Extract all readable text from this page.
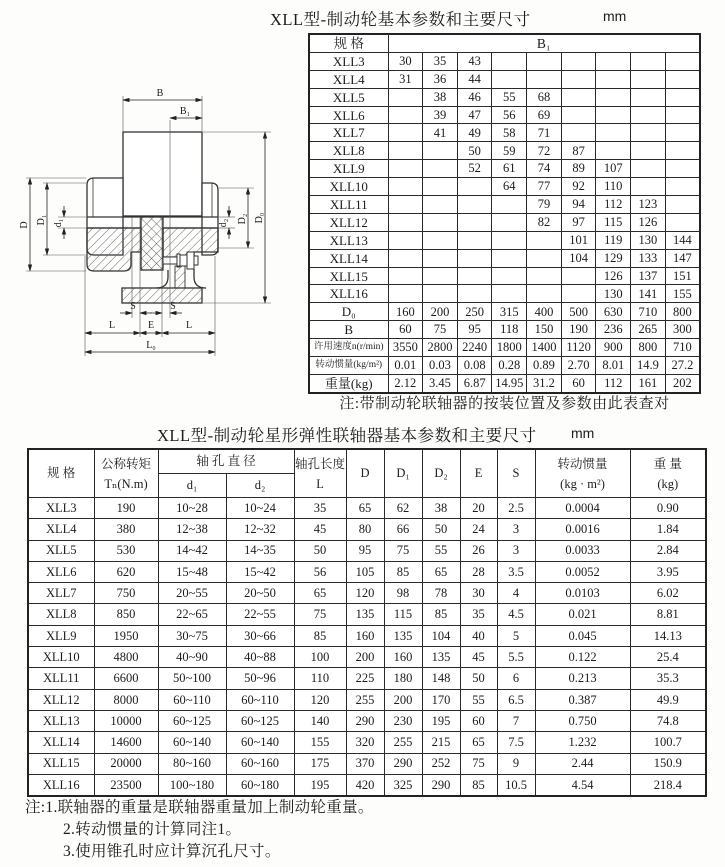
XLL型-制动轮基本参数和主要尺寸	mm
B
B₁
D D₁ d₁	d₂ D₂ D₀
S	S
L	E	L
L₀
规 格	B₁								
XLL3	30	35	43						
XLL4	31	36	44						
XLL5		38	46	55	68				
XLL6		39	47	56	69				
XLL7		41	49	58	71				
XLL8			50	59	72	87			
XLL9			52	61	74	89	107		
XLL10				64	77	92	110		
XLL11					79	94	112	123	
XLL12					82	97	115	126	
XLL13						101	119	130	144
XLL14						104	129	133	147
XLL15							126	137	151
XLL16							130	141	155
D₀	160	200	250	315	400	500	630	710	800
B	60	75	95	118	150	190	236	265	300
许用速度n(r/min)	3550	2800	2240	1800	1400	1120	900	800	710
转动惯量(kg/m²)	0.01	0.03	0.08	0.28	0.89	2.70	8.01	14.9	27.2
重量(kg)	2.12	3.45	6.87	14.95	31.2	60	112	161	202
注:带制动轮联轴器的按装位置及参数由此表查对
XLL型-制动轮星形弹性联轴器基本参数和主要尺寸 mm
规 格	
公称转矩
Tₙ(N.m)
	轴 孔 直 径	轴孔长度
L
	D	D₁	D₂	E	S	
转动惯量
(kg · m²)

重 量
(kg)

		d₁	d₂								
XLL3	190	10~28	10~24	35	65	62	38	20	2.5	0.0004	0.90
XLL4	380	12~38	12~32	45	80	66	50	24	3	0.0016	1.84
XLL5	530	14~42	14~35	50	95	75	55	26	3	0.0033	2.84
XLL6	620	15~48	15~42	56	105	85	65	28	3.5	0.0052	3.95
XLL7	750	20~55	20~50	65	120	98	78	30	4	0.0103	6.02
XLL8	850	22~65	22~55	75	135	115	85	35	4.5	0.021	8.81
XLL9	1950	30~75	30~66	85	160	135	104	40	5	0.045	14.13
XLL10	4800	40~90	40~88	100	200	160	135	45	5.5	0.122	25.4
XLL11	6600	50~100	50~96	110	225	180	148	50	6	0.213	35.3
XLL12	8000	60~110	60~110	120	255	200	170	55	6.5	0.387	49.9
XLL13	10000	60~125	60~125	140	290	230	195	60	7	0.750	74.8
XLL14	14600	60~140	60~140	155	320	255	215	65	7.5	1.232	100.7
XLL15	20000	80~160	60~160	175	370	290	252	75	9	2.44	150.9
XLL16	23500	100~180	60~180	195	420	325	290	85	10.5	4.54	218.4
注:1.联轴器的重量是联轴器重量加上制动轮重量。
2.转动惯量的计算同注1。
3.使用锥孔时应计算沉孔尺寸。
